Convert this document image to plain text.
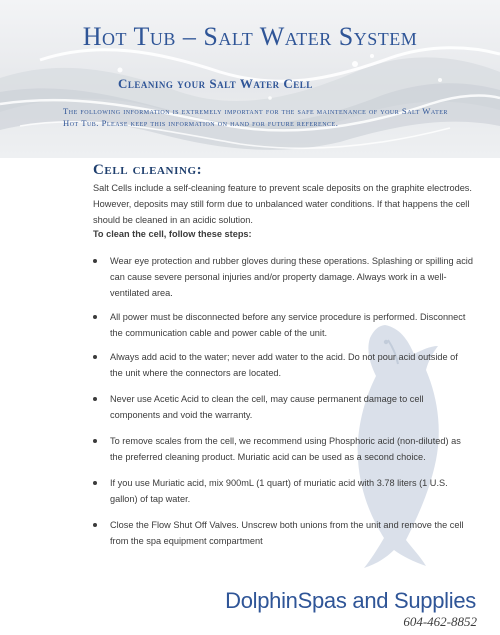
Hot Tub – Salt Water System
Cleaning your Salt Water Cell

The following information is extremely important for the safe maintenance of your Salt Water Hot Tub. Please keep this information on hand for future reference.

Cell cleaning:

Salt Cells include a self-cleaning feature to prevent scale deposits on the graphite electrodes. However, deposits may still form due to unbalanced water conditions. If that happens the cell should be cleaned in an acidic solution.

To clean the cell, follow these steps:

Wear eye protection and rubber gloves during these operations. Splashing or spilling acid can cause severe personal injuries and/or property damage. Always work in a well-ventilated area.
All power must be disconnected before any service procedure is performed. Disconnect the communication cable and power cable of the unit.
Always add acid to the water; never add water to the acid. Do not pour acid outside of the unit where the connectors are located.
Never use Acetic Acid to clean the cell, may cause permanent damage to cell components and void the warranty.
To remove scales from the cell, we recommend using Phosphoric acid (non-diluted) as the preferred cleaning product. Muriatic acid can be used as a second choice.
If you use Muriatic acid, mix 900mL (1 quart) of muriatic acid with 3.78 liters (1 U.S. gallon) of tap water.
Close the Flow Shut Off Valves. Unscrew both unions from the unit and remove the cell from the spa equipment compartment
DolphinSpas and Supplies
604-462-8852
